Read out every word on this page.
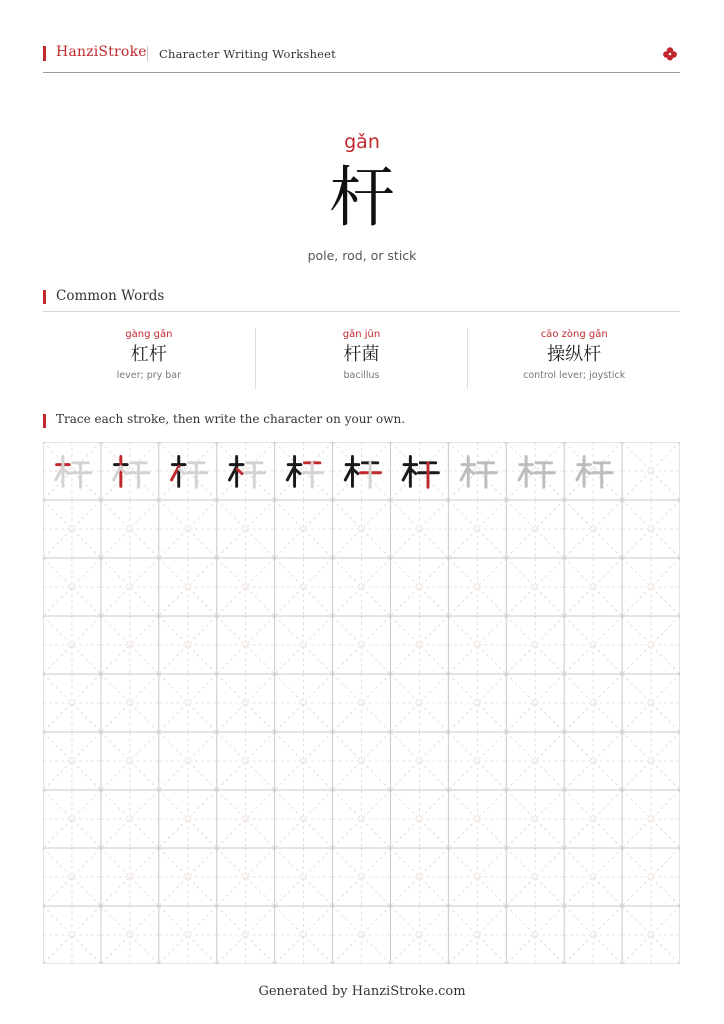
HanziStroke Character Writing Worksheet
gǎn
杆
pole, rod, or stick
Common Words
gàng gǎn
杠杆
lever; pry bar
gǎn jūn
杆菌
bacillus
cāo zòng gǎn
操纵杆
control lever; joystick
Trace each stroke, then write the character on your own.
Generated by HanziStroke.com
